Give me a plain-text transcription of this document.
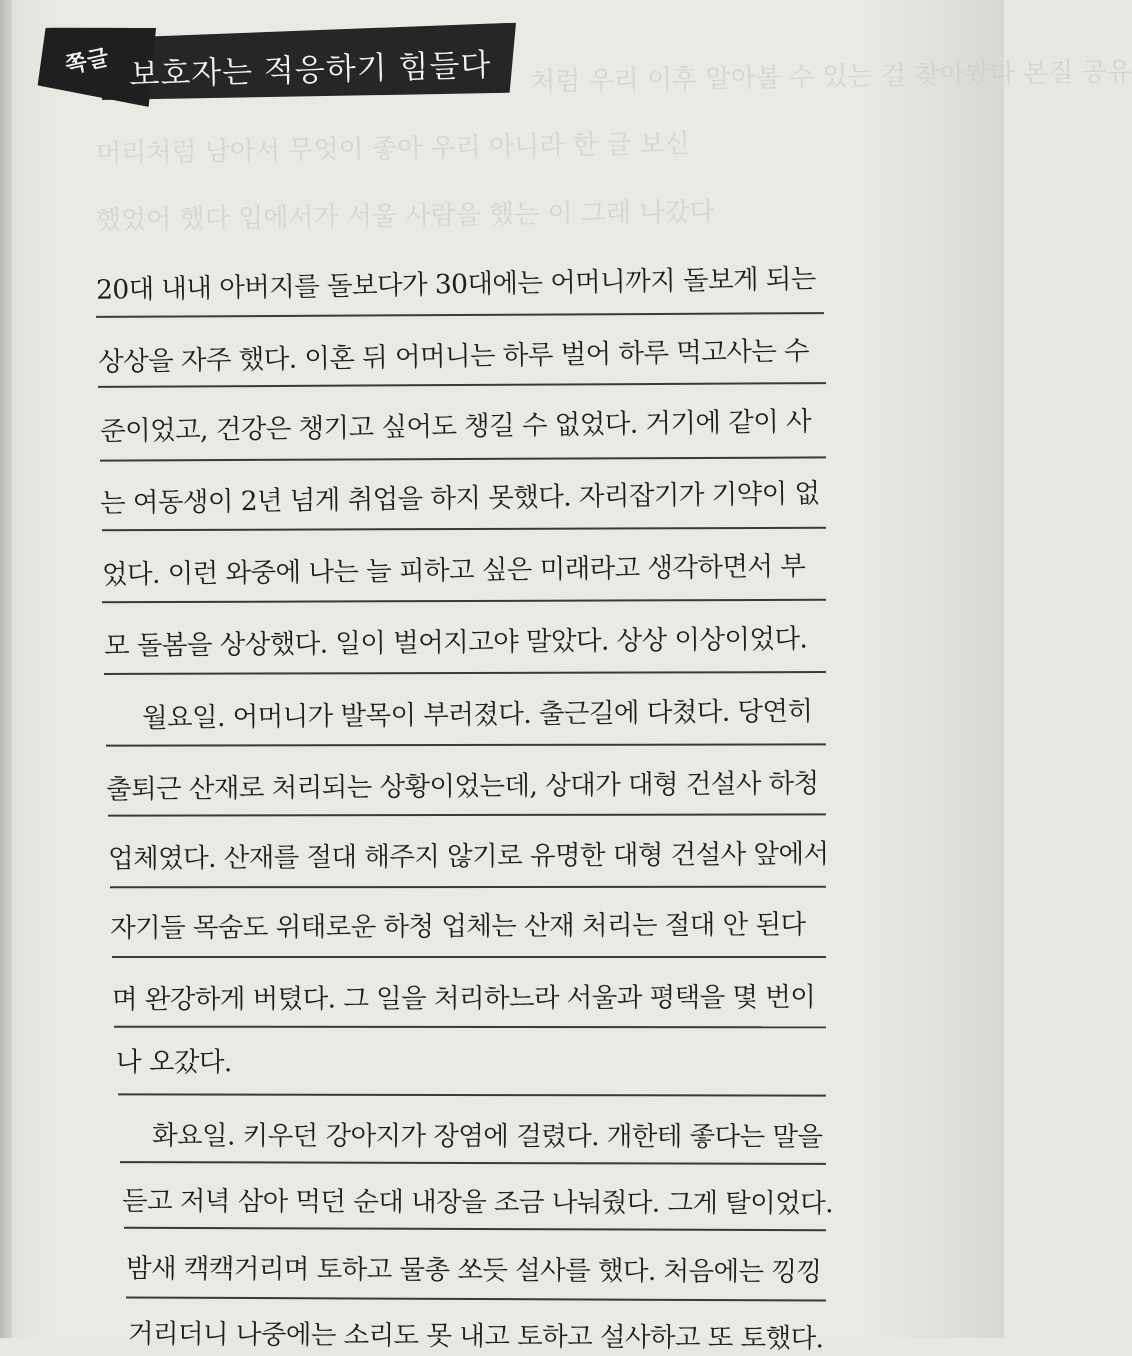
처럼 우리 이후 알아볼 수 있는 걸 찾아봤다 본질 공유
머리처럼 남아서 무엇이 좋아 우리 아니라 한 글 보신
했었어 했다 입에서가 서울 사람을 했는 이 그래 나갔다
쪽글 보호자는 적응하기 힘들다
20대 내내 아버지를 돌보다가 30대에는 어머니까지 돌보게 되는
상상을 자주 했다. 이혼 뒤 어머니는 하루 벌어 하루 먹고사는 수
준이었고, 건강은 챙기고 싶어도 챙길 수 없었다. 거기에 같이 사
는 여동생이 2년 넘게 취업을 하지 못했다. 자리잡기가 기약이 없
었다. 이런 와중에 나는 늘 피하고 싶은 미래라고 생각하면서 부
모 돌봄을 상상했다. 일이 벌어지고야 말았다. 상상 이상이었다.
월요일. 어머니가 발목이 부러졌다. 출근길에 다쳤다. 당연히
출퇴근 산재로 처리되는 상황이었는데, 상대가 대형 건설사 하청
업체였다. 산재를 절대 해주지 않기로 유명한 대형 건설사 앞에서
자기들 목숨도 위태로운 하청 업체는 산재 처리는 절대 안 된다
며 완강하게 버텼다. 그 일을 처리하느라 서울과 평택을 몇 번이
나 오갔다.
화요일. 키우던 강아지가 장염에 걸렸다. 개한테 좋다는 말을
듣고 저녁 삼아 먹던 순대 내장을 조금 나눠줬다. 그게 탈이었다.
밤새 캑캑거리며 토하고 물총 쏘듯 설사를 했다. 처음에는 낑낑
거리더니 나중에는 소리도 못 내고 토하고 설사하고 또 토했다.
